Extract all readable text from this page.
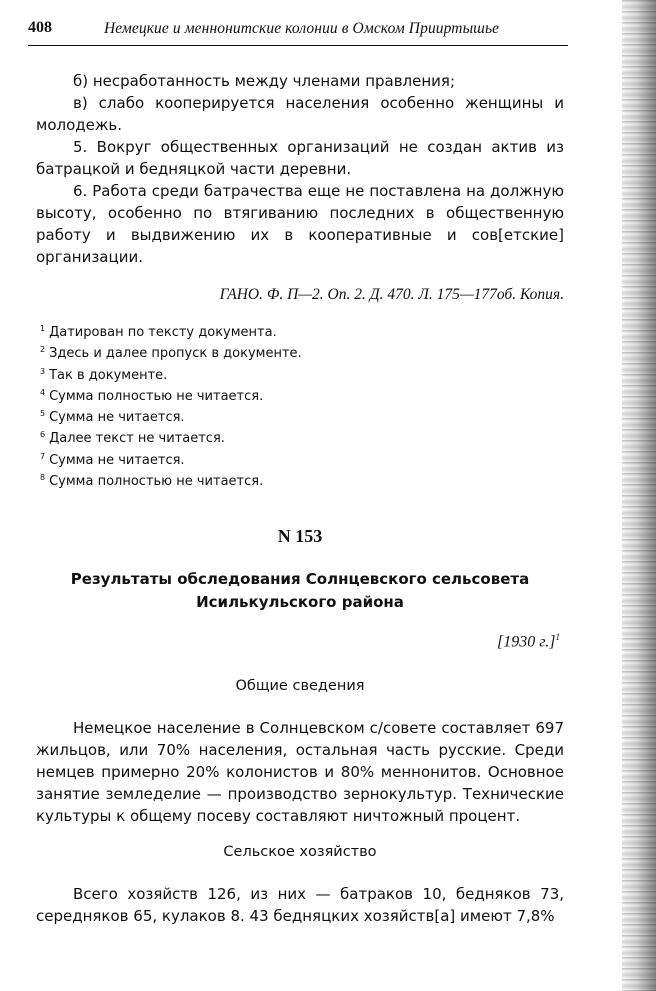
408	Немецкие и меннонитские колонии в Омском Прииртышье

б) несработанность между членами правления;

в) слабо кооперируется населения особенно женщины и молодежь.

5. Вокруг общественных организаций не создан актив из батрацкой и бедняцкой части деревни.

6. Работа среди батрачества еще не поставлена на должную высоту, особенно по втягиванию последних в общественную работу и выдвижению их в кооперативные и сов[етские] организации.

ГАНО. Ф. П—2. Оп. 2. Д. 470. Л. 175—177об. Копия.
$^1$ Датирован по тексту документа.
$^2$ Здесь и далее пропуск в документе.
$^3$ Так в документе.
$^4$ Сумма полностью не читается.
$^5$ Сумма не читается.
$^6$ Далее текст не читается.
$^7$ Сумма не читается.
$^8$ Сумма полностью не читается.
N 153
Результаты обследования Солнцевского сельсовета
Исилькульского района
[1930 г.]$^1$
Общие сведения

Немецкое население в Солнцевском с/совете составляет 697 жильцов, или 70% населения, остальная часть русские. Среди немцев примерно 20% колонистов и 80% меннонитов. Основное занятие земледелие — производство зернокультур. Технические культуры к общему посеву составляют ничтожный процент.

Сельское хозяйство

Всего хозяйств 126, из них — батраков 10, бедняков 73, середняков 65, кулаков 8. 43 бедняцких хозяйств[а] имеют 7,8%
